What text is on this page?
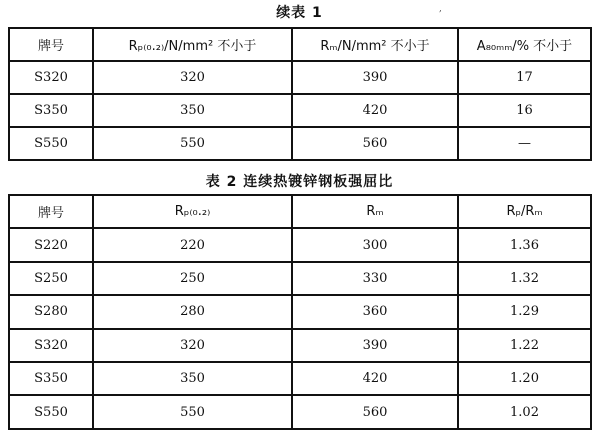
续表 1	,
牌号	Rₚ₍₀.₂₎/N/mm² 不小于	Rₘ/N/mm² 不小于	A₈₀ₘₘ/% 不小于
S320	320	390	17
S350	350	420	16
S550	550	560	—
表 2 连续热镀锌钢板强屈比
牌号	Rₚ₍₀.₂₎	Rₘ	Rₚ/Rₘ
S220	220	300	1.36
S250	250	330	1.32
S280	280	360	1.29
S320	320	390	1.22
S350	350	420	1.20
S550	550	560	1.02
